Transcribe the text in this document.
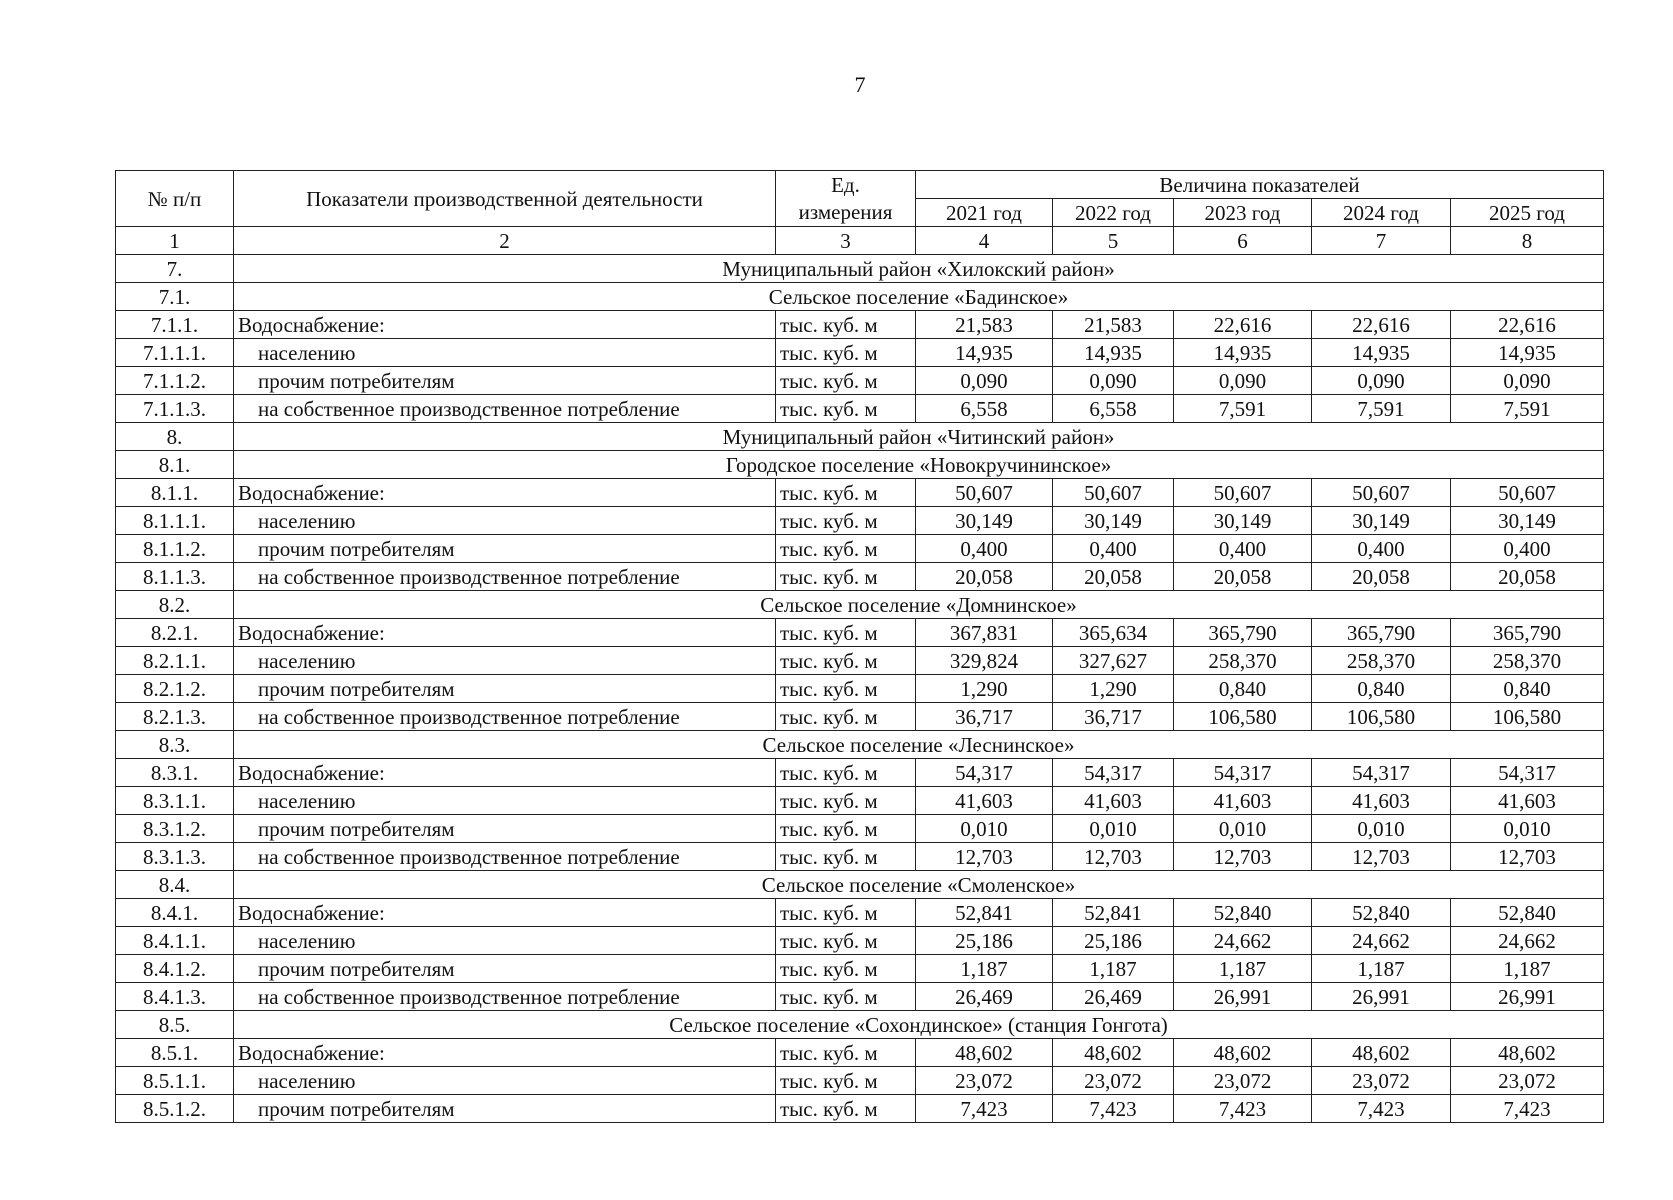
7
№ п/п	Показатели производственной деятельности	Ед.	Величина показателей				
		измерения	2021 год	2022 год	2023 год	2024 год	2025 год
1	2	3	4	5	6	7	8
7.	Муниципальный район «Хилокский район»						
7.1.	Сельское поселение «Бадинское»						
7.1.1.	Водоснабжение:	тыс. куб. м	21,583	21,583	22,616	22,616	22,616
7.1.1.1.	населению	тыс. куб. м	14,935	14,935	14,935	14,935	14,935
7.1.1.2.	прочим потребителям	тыс. куб. м	0,090	0,090	0,090	0,090	0,090
7.1.1.3.	на собственное производственное потребление	тыс. куб. м	6,558	6,558	7,591	7,591	7,591
8.	Муниципальный район «Читинский район»						
8.1.	Городское поселение «Новокручининское»						
8.1.1.	Водоснабжение:	тыс. куб. м	50,607	50,607	50,607	50,607	50,607
8.1.1.1.	населению	тыс. куб. м	30,149	30,149	30,149	30,149	30,149
8.1.1.2.	прочим потребителям	тыс. куб. м	0,400	0,400	0,400	0,400	0,400
8.1.1.3.	на собственное производственное потребление	тыс. куб. м	20,058	20,058	20,058	20,058	20,058
8.2.	Сельское поселение «Домнинское»						
8.2.1.	Водоснабжение:	тыс. куб. м	367,831	365,634	365,790	365,790	365,790
8.2.1.1.	населению	тыс. куб. м	329,824	327,627	258,370	258,370	258,370
8.2.1.2.	прочим потребителям	тыс. куб. м	1,290	1,290	0,840	0,840	0,840
8.2.1.3.	на собственное производственное потребление	тыс. куб. м	36,717	36,717	106,580	106,580	106,580
8.3.	Сельское поселение «Леснинское»						
8.3.1.	Водоснабжение:	тыс. куб. м	54,317	54,317	54,317	54,317	54,317
8.3.1.1.	населению	тыс. куб. м	41,603	41,603	41,603	41,603	41,603
8.3.1.2.	прочим потребителям	тыс. куб. м	0,010	0,010	0,010	0,010	0,010
8.3.1.3.	на собственное производственное потребление	тыс. куб. м	12,703	12,703	12,703	12,703	12,703
8.4.	Сельское поселение «Смоленское»						
8.4.1.	Водоснабжение:	тыс. куб. м	52,841	52,841	52,840	52,840	52,840
8.4.1.1.	населению	тыс. куб. м	25,186	25,186	24,662	24,662	24,662
8.4.1.2.	прочим потребителям	тыс. куб. м	1,187	1,187	1,187	1,187	1,187
8.4.1.3.	на собственное производственное потребление	тыс. куб. м	26,469	26,469	26,991	26,991	26,991
8.5.	Сельское поселение «Сохондинское» (станция Гонгота)						
8.5.1.	Водоснабжение:	тыс. куб. м	48,602	48,602	48,602	48,602	48,602
8.5.1.1.	населению	тыс. куб. м	23,072	23,072	23,072	23,072	23,072
8.5.1.2.	прочим потребителям	тыс. куб. м	7,423	7,423	7,423	7,423	7,423
